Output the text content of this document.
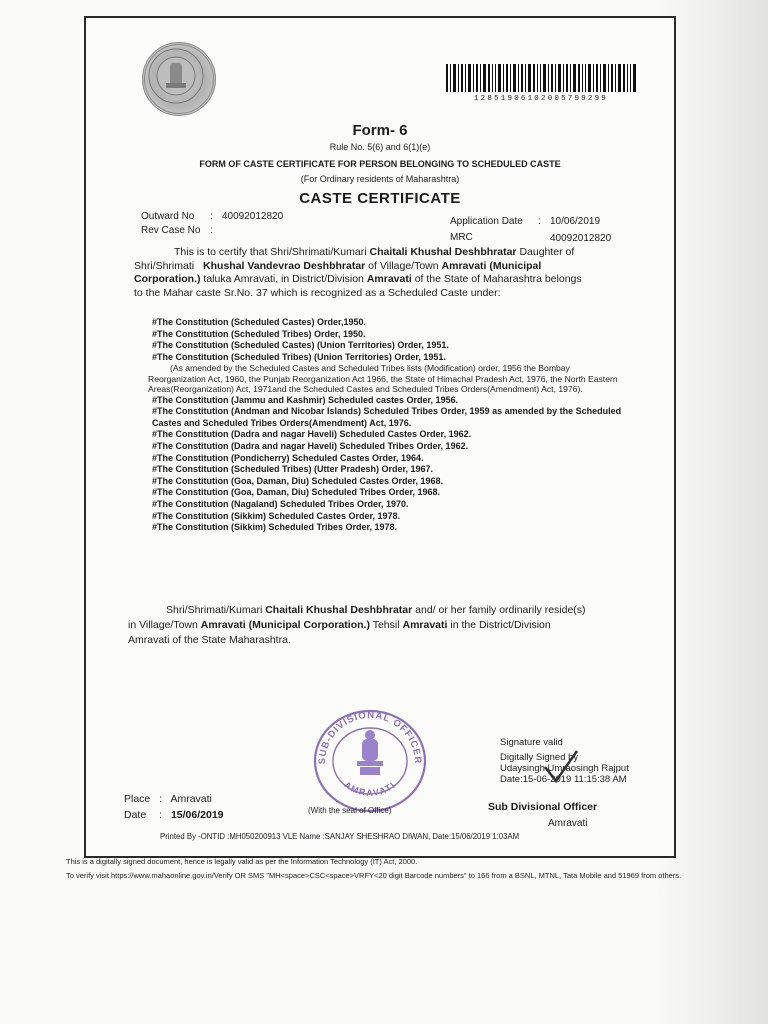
12851906102005799299
Form- 6
Rule No. 5(6) and 6(1)(e)
FORM OF CASTE CERTIFICATE FOR PERSON BELONGING TO SCHEDULED CASTE
(For Ordinary residents of Maharashtra)
CASTE CERTIFICATE
Outward No : 40092012820
Rev Case No :
Application Date : 10/06/2019
MRC	40092012820
This is to certify that Shri/Shrimati/Kumari Chaitali Khushal Deshbhratar Daughter of
Shri/Shrimati Khushal Vandevrao Deshbhratar of Village/Town Amravati (Municipal
Corporation.) taluka Amravati, in District/Division Amravati of the State of Maharashtra belongs
to the Mahar caste Sr.No. 37 which is recognized as a Scheduled Caste under:
#The Constitution (Scheduled Castes) Order,1950.
#The Constitution (Scheduled Tribes) Order, 1950.
#The Constitution (Scheduled Castes) (Union Territories) Order, 1951.
#The Constitution (Scheduled Tribes) (Union Territories) Order, 1951.
(As amended by the Scheduled Castes and Scheduled Tribes lists (Modification) order, 1956 the Bombay Reorganization Act, 1960, the Punjab Reorganization Act 1966, the State of Himachal Pradesh Act, 1976, the North Eastern Areas(Reorganization) Act, 1971and the Scheduled Castes and Scheduled Tribes Orders(Amendment) Act, 1976).
#The Constitution (Jammu and Kashmir) Scheduled castes Order, 1956.
#The Constitution (Andman and Nicobar Islands) Scheduled Tribes Order, 1959 as amended by the Scheduled Castes and Scheduled Tribes Orders(Amendment) Act, 1976.
#The Constitution (Dadra and nagar Haveli) Scheduled Castes Order, 1962.
#The Constitution (Dadra and nagar Haveli) Scheduled Tribes Order, 1962.
#The Constitution (Pondicherry) Scheduled Castes Order, 1964.
#The Constitution (Scheduled Tribes) (Utter Pradesh) Order, 1967.
#The Constitution (Goa, Daman, Diu) Scheduled Castes Order, 1968.
#The Constitution (Goa, Daman, Diu) Scheduled Tribes Order, 1968.
#The Constitution (Nagaland) Scheduled Tribes Order, 1970.
#The Constitution (Sikkim) Scheduled Castes Order, 1978.
#The Constitution (Sikkim) Scheduled Tribes Order, 1978.
Shri/Shrimati/Kumari Chaitali Khushal Deshbhratar and/ or her family ordinarily reside(s)
in Village/Town Amravati (Municipal Corporation.) Tehsil Amravati in the District/Division
Amravati of the State Maharashtra.
SUB-DIVISIONAL OFFICER
AMRAVATI
Signature valid
Digitally Signed by
Udaysingh Umraosingh Rajput
Date:15-06-2019 11:15:38 AM
Sub Divisional Officer
Amravati
Place : Amravati
Date : 15/06/2019	(With the seal of Office)
Printed By -ONTID :MH050200913 VLE Name :SANJAY SHESHRAO DIWAN, Date:15/06/2019 1:03AM
This is a digitally signed document, hence is legally valid as per the Information Technology (IT) Act, 2000.
To verify visit https://www.mahaonline.gov.in/Verify OR SMS "MH<space>CSC<space>VRFY<20 digit Barcode numbers" to 166 from a BSNL, MTNL, Tata Mobile and 51969 from others.
